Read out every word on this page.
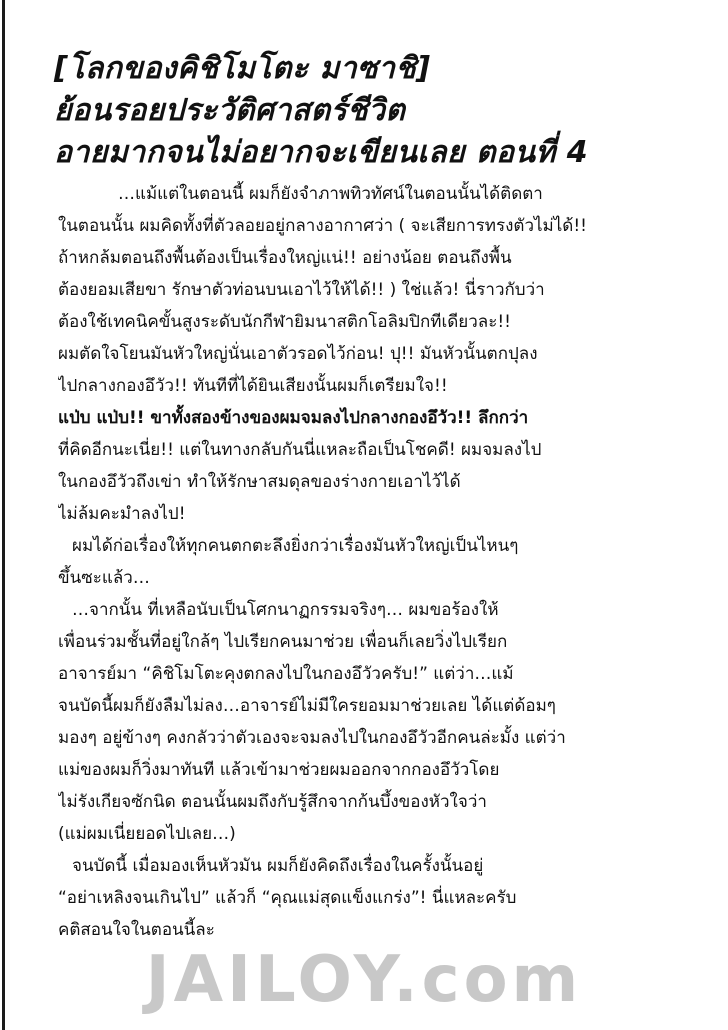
[โลกของคิชิโมโตะ มาซาชิ]
ย้อนรอยประวัติศาสตร์ชีวิต
อายมากจนไม่อยากจะเขียนเลย ตอนที่ 4
…แม้แต่ในตอนนี้ ผมก็ยังจำภาพทิวทัศน์ในตอนนั้นได้ติดตา
ในตอนนั้น ผมคิดทั้งที่ตัวลอยอยู่กลางอากาศว่า ( จะเสียการทรงตัวไม่ได้!!
ถ้าหกล้มตอนถึงพื้นต้องเป็นเรื่องใหญ่แน่!! อย่างน้อย ตอนถึงพื้น
ต้องยอมเสียขา รักษาตัวท่อนบนเอาไว้ให้ได้!! ) ใช่แล้ว! นี่ราวกับว่า
ต้องใช้เทคนิคขั้นสูงระดับนักกีฬายิมนาสติกโอลิมปิกทีเดียวละ!!
ผมตัดใจโยนมันหัวใหญ่นั่นเอาตัวรอดไว้ก่อน! ปุ!! มันหัวนั้นตกปุลง
ไปกลางกองอึวัว!! ทันทีที่ได้ยินเสียงนั้นผมก็เตรียมใจ!!
แป่บ แป่บ!! ขาทั้งสองข้างของผมจมลงไปกลางกองอึวัว!! ลึกกว่า
ที่คิดอีกนะเนี่ย!! แต่ในทางกลับกันนี่แหละถือเป็นโชคดี! ผมจมลงไป
ในกองอึวัวถึงเข่า ทำให้รักษาสมดุลของร่างกายเอาไว้ได้
ไม่ล้มคะมำลงไป!
ผมได้ก่อเรื่องให้ทุกคนตกตะลึงยิ่งกว่าเรื่องมันหัวใหญ่เป็นไหนๆ
ขึ้นซะแล้ว…
…จากนั้น ที่เหลือนับเป็นโศกนาฏกรรมจริงๆ… ผมขอร้องให้
เพื่อนร่วมชั้นที่อยู่ใกล้ๆ ไปเรียกคนมาช่วย เพื่อนก็เลยวิ่งไปเรียก
อาจารย์มา “คิชิโมโตะคุงตกลงไปในกองอึวัวครับ!” แต่ว่า…แม้
จนบัดนี้ผมก็ยังลืมไม่ลง…อาจารย์ไม่มีใครยอมมาช่วยเลย ได้แต่ด้อมๆ
มองๆ อยู่ข้างๆ คงกลัวว่าตัวเองจะจมลงไปในกองอึวัวอีกคนล่ะมั้ง แต่ว่า
แม่ของผมก็วิ่งมาทันที แล้วเข้ามาช่วยผมออกจากกองอึวัวโดย
ไม่รังเกียจซักนิด ตอนนั้นผมถึงกับรู้สึกจากก้นบึ้งของหัวใจว่า
(แม่ผมเนี่ยยอดไปเลย…)
จนบัดนี้ เมื่อมองเห็นหัวมัน ผมก็ยังคิดถึงเรื่องในครั้งนั้นอยู่
“อย่าเหลิงจนเกินไป” แล้วก็ “คุณแม่สุดแข็งแกร่ง”! นี่แหละครับ
คติสอนใจในตอนนี้ละ
JAILOY.com
